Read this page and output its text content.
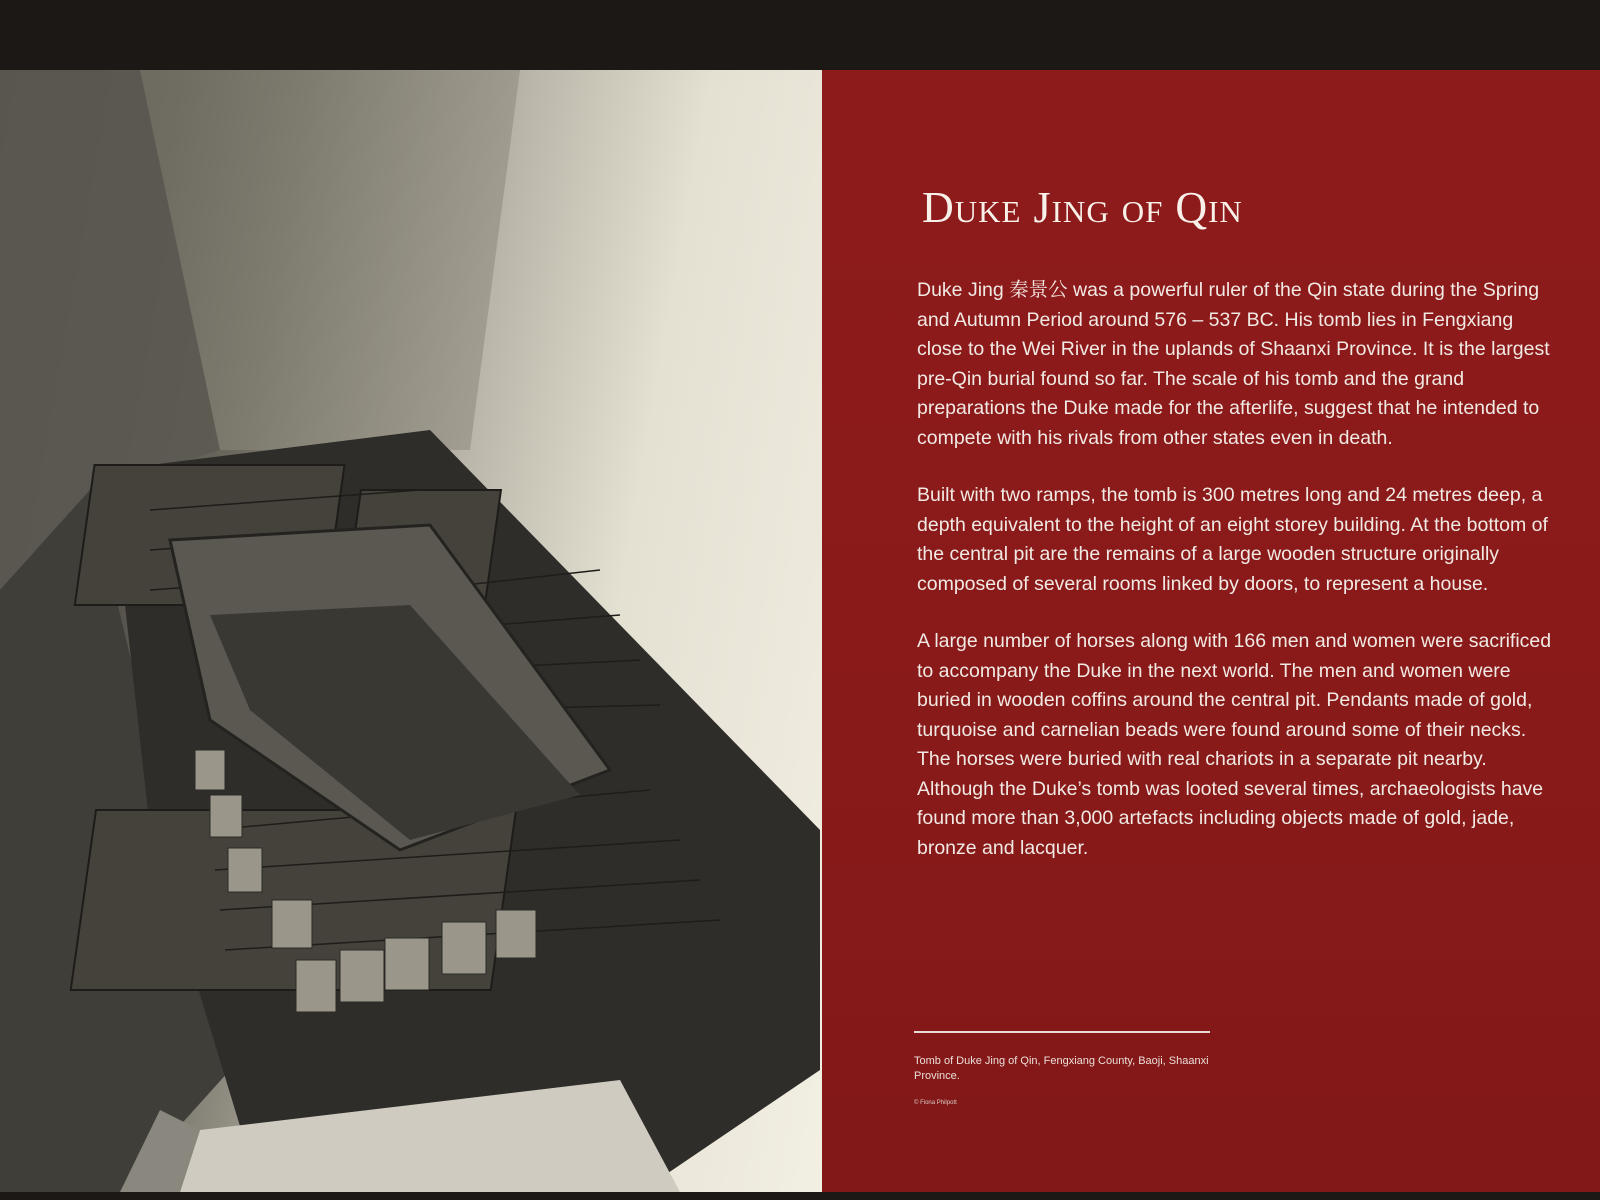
Duke Jing of Qin

Duke Jing 秦景公 was a powerful ruler of the Qin state during the Spring and Autumn Period around 576 – 537 BC. His tomb lies in Fengxiang close to the Wei River in the uplands of Shaanxi Province. It is the largest pre-Qin burial found so far. The scale of his tomb and the grand preparations the Duke made for the afterlife, suggest that he intended to compete with his rivals from other states even in death.

Built with two ramps, the tomb is 300 metres long and 24 metres deep, a depth equivalent to the height of an eight storey building. At the bottom of the central pit are the remains of a large wooden structure originally composed of several rooms linked by doors, to represent a house.

A large number of horses along with 166 men and women were sacrificed to accompany the Duke in the next world. The men and women were buried in wooden coffins around the central pit. Pendants made of gold, turquoise and carnelian beads were found around some of their necks. The horses were buried with real chariots in a separate pit nearby. Although the Duke’s tomb was looted several times, archaeologists have found more than 3,000 artefacts including objects made of gold, jade, bronze and lacquer.

Tomb of Duke Jing of Qin, Fengxiang County, Baoji, Shaanxi Province.
© Fiona Philpott
